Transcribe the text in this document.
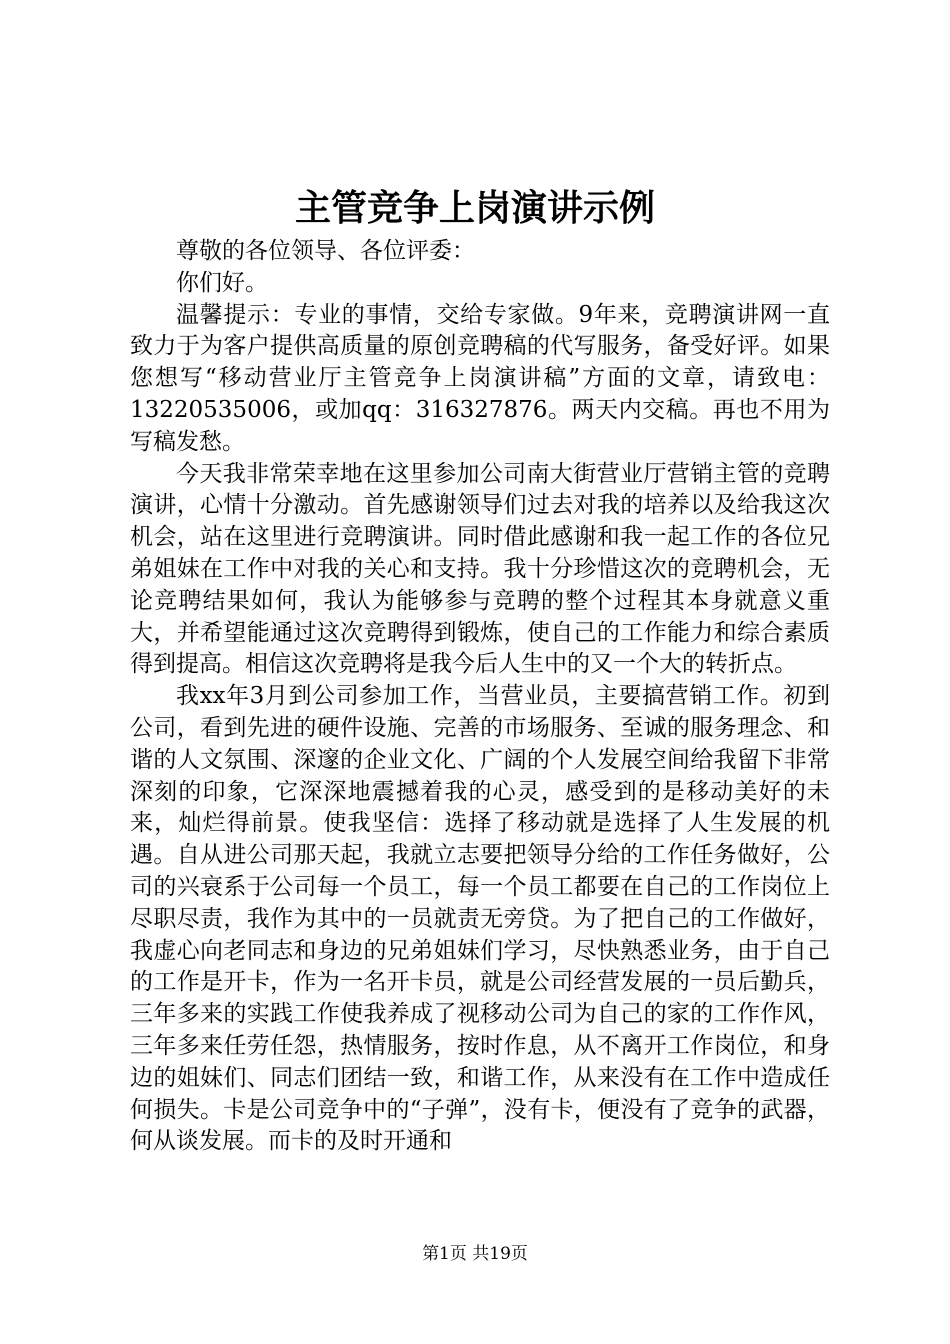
主管竞争上岗演讲示例

尊敬的各位领导、各位评委：

你们好。

温馨提示：专业的事情，交给专家做。9年来，竞聘演讲网一直致力于为客户提供高质量的原创竞聘稿的代写服务，备受好评。如果您想写“移动营业厅主管竞争上岗演讲稿”方面的文章，请致电：13220535006，或加qq：316327876。两天内交稿。再也不用为写稿发愁。

今天我非常荣幸地在这里参加公司南大街营业厅营销主管的竞聘演讲，心情十分激动。首先感谢领导们过去对我的培养以及给我这次机会，站在这里进行竞聘演讲。同时借此感谢和我一起工作的各位兄弟姐妹在工作中对我的关心和支持。我十分珍惜这次的竞聘机会，无论竞聘结果如何，我认为能够参与竞聘的整个过程其本身就意义重大，并希望能通过这次竞聘得到锻炼，使自己的工作能力和综合素质得到提高。相信这次竞聘将是我今后人生中的又一个大的转折点。

我xx年3月到公司参加工作，当营业员，主要搞营销工作。初到公司，看到先进的硬件设施、完善的市场服务、至诚的服务理念、和谐的人文氛围、深邃的企业文化、广阔的个人发展空间给我留下非常深刻的印象，它深深地震撼着我的心灵，感受到的是移动美好的未来，灿烂得前景。使我坚信：选择了移动就是选择了人生发展的机遇。自从进公司那天起，我就立志要把领导分给的工作任务做好，公司的兴衰系于公司每一个员工，每一个员工都要在自己的工作岗位上尽职尽责，我作为其中的一员就责无旁贷。为了把自己的工作做好，我虚心向老同志和身边的兄弟姐妹们学习，尽快熟悉业务，由于自己的工作是开卡，作为一名开卡员，就是公司经营发展的一员后勤兵，三年多来的实践工作使我养成了视移动公司为自己的家的工作作风，三年多来任劳任怨，热情服务，按时作息，从不离开工作岗位，和身边的姐妹们、同志们团结一致，和谐工作，从来没有在工作中造成任何损失。卡是公司竞争中的“子弹”，没有卡，便没有了竞争的武器，何从谈发展。而卡的及时开通和

第1页 共19页
